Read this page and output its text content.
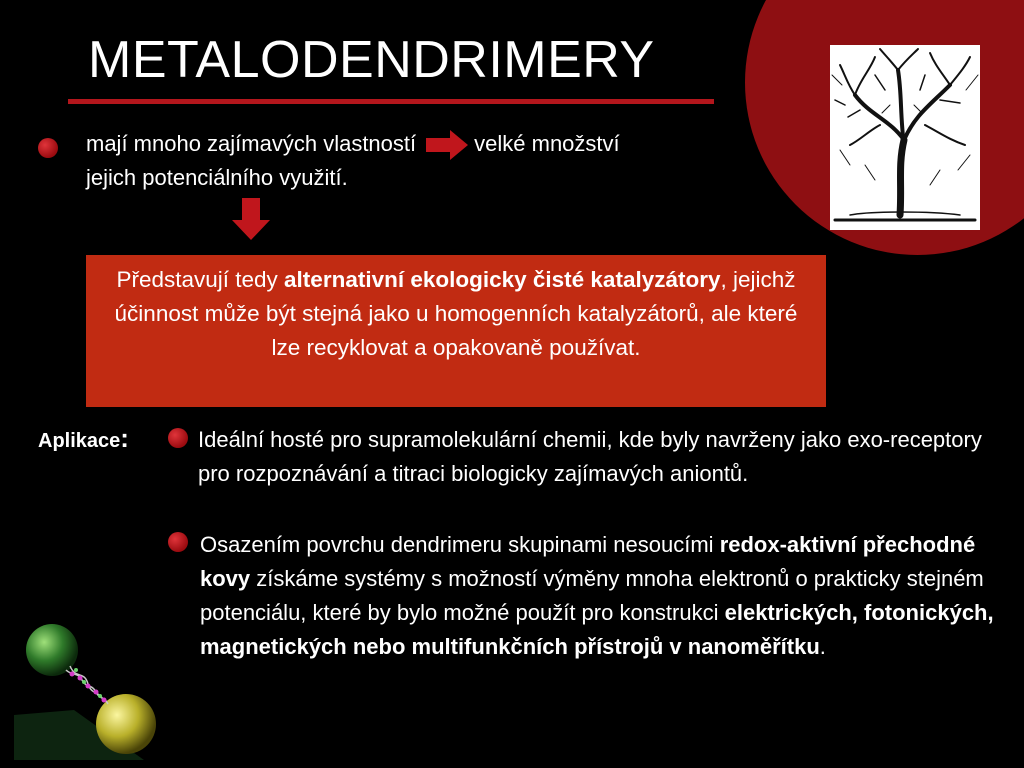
METALODENDRIMERY
mají mnoho zajímavých vlastností	velké množství
jejich potenciálního využití.
Představují tedy alternativní ekologicky čisté katalyzátory, jejichž účinnost může být stejná jako u homogenních katalyzátorů, ale které lze recyklovat a opakovaně používat.
Aplikace:	Ideální hosté pro supramolekulární chemii, kde byly navrženy jako exo-receptory pro rozpoznávání a titraci biologicky zajímavých aniontů.
Osazením povrchu dendrimeru skupinami nesoucími redox-aktivní přechodné kovy získáme systémy s možností výměny mnoha elektronů o prakticky stejném potenciálu, které by bylo možné použít pro konstrukci elektrických, fotonických, magnetických nebo multifunkčních přístrojů v nanoměřítku.
